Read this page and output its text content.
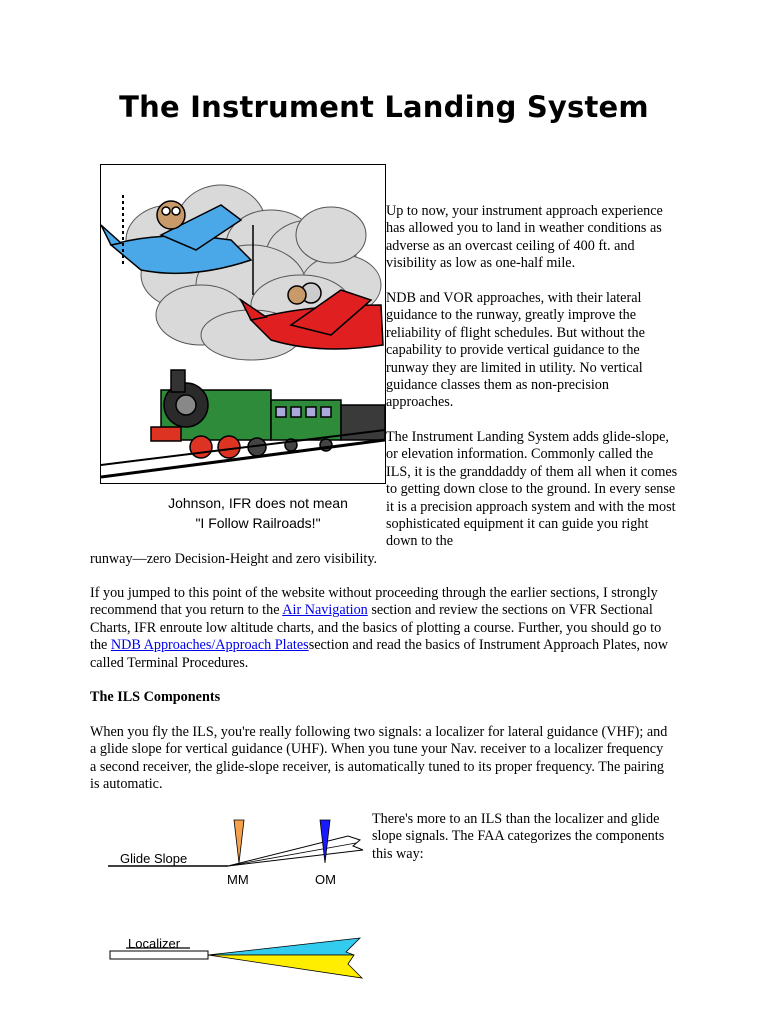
The Instrument Landing System
Johnson, IFR does not mean
"I Follow Railroads!"

Up to now, your instrument approach experience has allowed you to land in weather conditions as adverse as an overcast ceiling of 400 ft. and visibility as low as one-half mile.

NDB and VOR approaches, with their lateral guidance to the runway, greatly improve the reliability of flight schedules. But without the capability to provide vertical guidance to the runway they are limited in utility. No vertical guidance classes them as non-precision approaches.

The Instrument Landing System adds glide-slope, or elevation information. Commonly called the ILS, it is the granddaddy of them all when it comes to getting down close to the ground. In every sense it is a precision approach system and with the most sophisticated equipment it can guide you right down to the

runway—zero Decision-Height and zero visibility.

If you jumped to this point of the website without proceeding through the earlier sections, I strongly recommend that you return to the Air Navigation section and review the sections on VFR Sectional Charts, IFR enroute low altitude charts, and the basics of plotting a course. Further, you should go to the NDB Approaches/Approach Platessection and read the basics of Instrument Approach Plates, now called Terminal Procedures.

The ILS Components

When you fly the ILS, you're really following two signals: a localizer for lateral guidance (VHF); and a glide slope for vertical guidance (UHF). When you tune your Nav. receiver to a localizer frequency a second receiver, the glide-slope receiver, is automatically tuned to its proper frequency. The pairing is automatic.

There's more to an ILS than the localizer and glide slope signals. The FAA categorizes the components this way:

Glide Slope
MM	OM
Localizer
